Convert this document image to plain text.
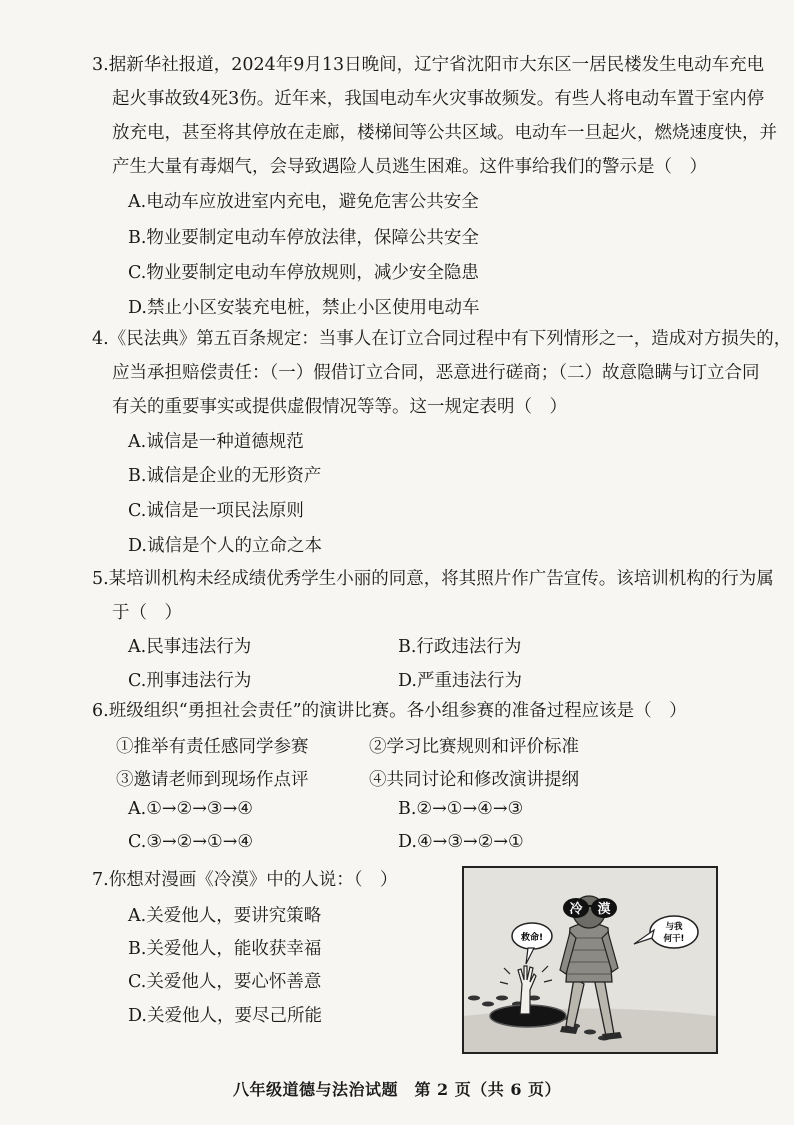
3.据新华社报道，2024年9月13日晚间，辽宁省沈阳市大东区一居民楼发生电动车充电
起火事故致4死3伤。近年来，我国电动车火灾事故频发。有些人将电动车置于室内停
放充电，甚至将其停放在走廊，楼梯间等公共区域。电动车一旦起火，燃烧速度快，并
产生大量有毒烟气，会导致遇险人员逃生困难。这件事给我们的警示是（　）
A.电动车应放进室内充电，避免危害公共安全
B.物业要制定电动车停放法律，保障公共安全
C.物业要制定电动车停放规则，减少安全隐患
D.禁止小区安装充电桩，禁止小区使用电动车
4.《民法典》第五百条规定：当事人在订立合同过程中有下列情形之一，造成对方损失的，
应当承担赔偿责任：（一）假借订立合同，恶意进行磋商；（二）故意隐瞒与订立合同
有关的重要事实或提供虚假情况等等。这一规定表明（　）
A.诚信是一种道德规范
B.诚信是企业的无形资产
C.诚信是一项民法原则
D.诚信是个人的立命之本
5.某培训机构未经成绩优秀学生小丽的同意，将其照片作广告宣传。该培训机构的行为属
于（　）
A.民事违法行为	B.行政违法行为
C.刑事违法行为	D.严重违法行为
6.班级组织“勇担社会责任”的演讲比赛。各小组参赛的准备过程应该是（　）
①推举有责任感同学参赛	②学习比赛规则和评价标准
③邀请老师到现场作点评	④共同讨论和修改演讲提纲
A.①→②→③→④	B.②→①→④→③
C.③→②→①→④	D.④→③→②→①
7.你想对漫画《冷漠》中的人说：（　）
A.关爱他人，要讲究策略
B.关爱他人，能收获幸福
C.关爱他人，要心怀善意
D.关爱他人，要尽己所能
救命!
冷 漠
与我
何干!
八年级道德与法治试题　第 2 页（共 6 页）
